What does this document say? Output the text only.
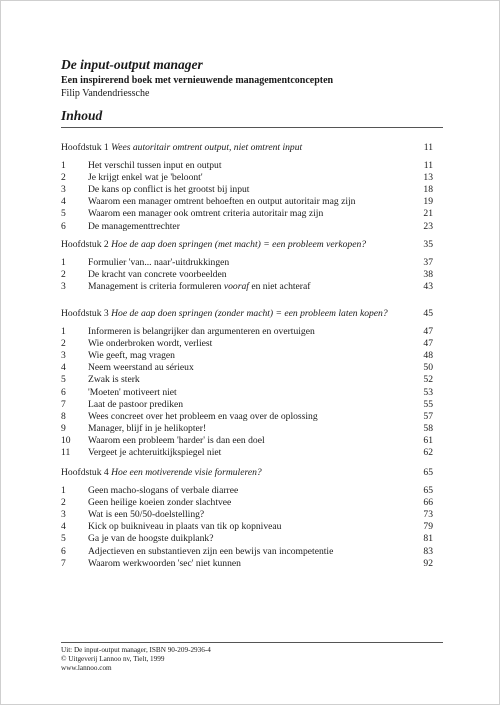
De input-output manager
Een inspirerend boek met vernieuwende managementconcepten
Filip Vandendriessche
Inhoud
Hoofdstuk 1 Wees autoritair omtrent output, niet omtrent input	11
1 Het verschil tussen input en output	11
2 Je krijgt enkel wat je 'beloont'	13
3 De kans op conflict is het grootst bij input	18
4 Waarom een manager omtrent behoeften en output autoritair mag zijn	19
5 Waarom een manager ook omtrent criteria autoritair mag zijn	21
6 De managementtrechter	23
Hoofdstuk 2 Hoe de aap doen springen (met macht) = een probleem verkopen?	35
1 Formulier 'van... naar'-uitdrukkingen	37
2 De kracht van concrete voorbeelden	38
3 Management is criteria formuleren vooraf en niet achteraf	43
Hoofdstuk 3 Hoe de aap doen springen (zonder macht) = een probleem laten kopen?	45
1 Informeren is belangrijker dan argumenteren en overtuigen	47
2 Wie onderbroken wordt, verliest	47
3 Wie geeft, mag vragen	48
4 Neem weerstand au sérieux	50
5 Zwak is sterk	52
6 'Moeten' motiveert niet	53
7 Laat de pastoor prediken	55
8 Wees concreet over het probleem en vaag over de oplossing	57
9 Manager, blijf in je helikopter!	58
10 Waarom een probleem 'harder' is dan een doel	61
11 Vergeet je achteruitkijkspiegel niet	62
Hoofdstuk 4 Hoe een motiverende visie formuleren?	65
1 Geen macho-slogans of verbale diarree	65
2 Geen heilige koeien zonder slachtvee	66
3 Wat is een 50/50-doelstelling?	73
4 Kick op buikniveau in plaats van tik op kopniveau	79
5 Ga je van de hoogste duikplank?	81
6 Adjectieven en substantieven zijn een bewijs van incompetentie	83
7 Waarom werkwoorden 'sec' niet kunnen	92
Uit: De input-output manager, ISBN 90-209-2936-4
© Uitgeverij Lannoo nv, Tielt, 1999
www.lannoo.com
